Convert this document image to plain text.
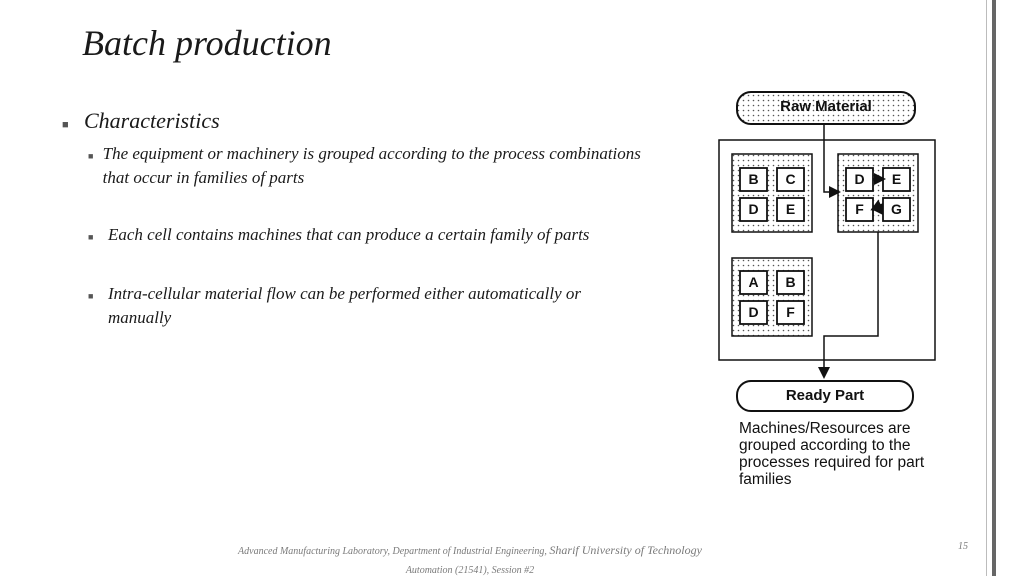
Batch production
■ Characteristics
■ The equipment or machinery is grouped according to the process combinations that occur in families of parts
■ Each cell contains machines that can produce a certain family of parts
■ Intra-cellular material flow can be performed either automatically or manually
Raw Material
B	C
D	E
D	E
F	G
A	B
D	F
Ready Part
Machines/Resources are grouped according to the processes required for part families
Advanced Manufacturing Laboratory, Department of Industrial Engineering, Sharif University of Technology
Automation (21541), Session #2
15
